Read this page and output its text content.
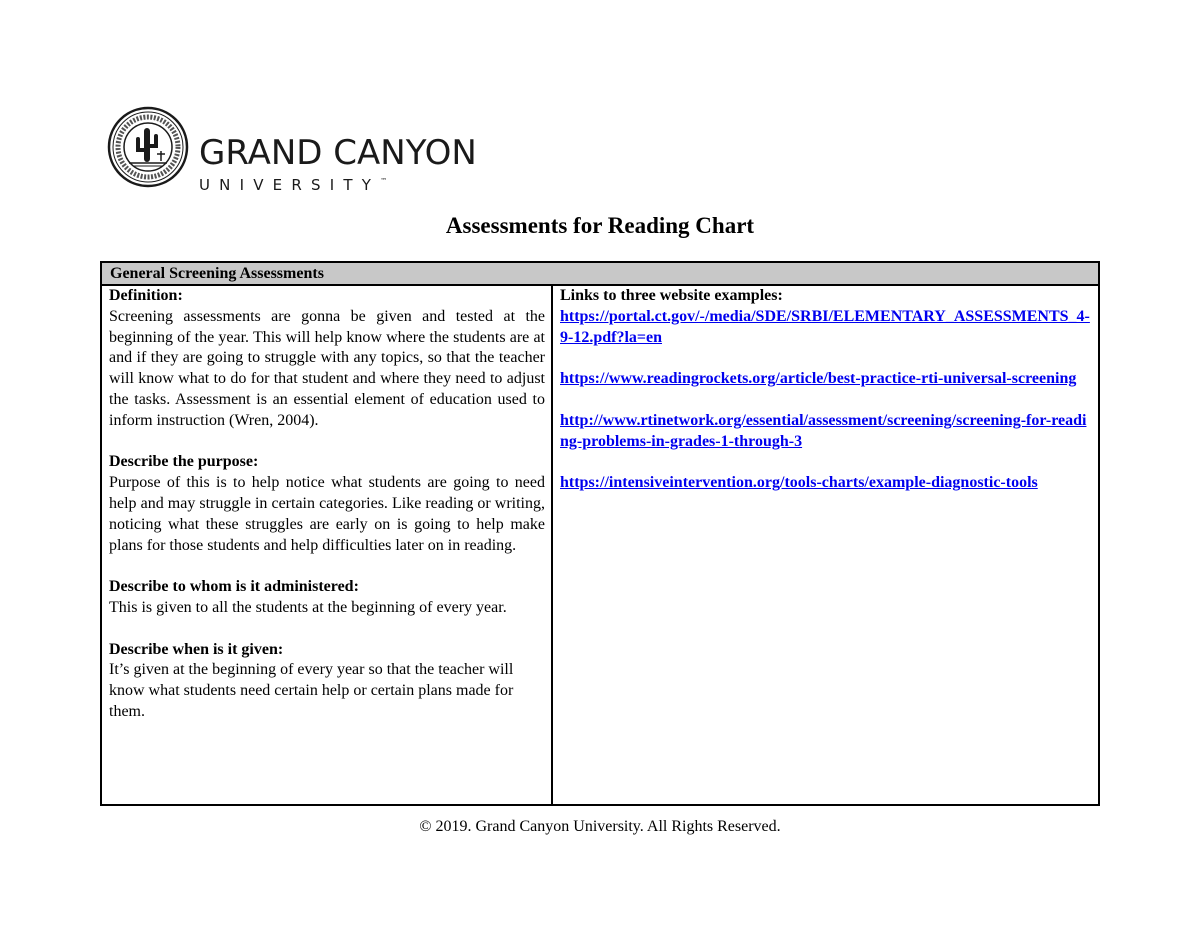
GRAND CANYON
UNIVERSITY™
Assessments for Reading Chart
General Screening Assessments

Definition:

Screening assessments are gonna be given and tested at the beginning of the year. This will help know where the students are at and if they are going to struggle with any topics, so that the teacher will know what to do for that student and where they need to adjust the tasks. Assessment is an essential element of education used to inform instruction (Wren, 2004).

Describe the purpose:

Purpose of this is to help notice what students are going to need help and may struggle in certain categories. Like reading or writing, noticing what these struggles are early on is going to help make plans for those students and help difficulties later on in reading.

Describe to whom is it administered:

This is given to all the students at the beginning of every year.

Describe when is it given:

It’s given at the beginning of every year so that the teacher will know what students need certain help or certain plans made for them.

Links to three website examples:

https://portal.ct.gov/-/media/SDE/SRBI/ELEMENTARY_ASSESSMENTS_4-9-12.pdf?la=en

https://www.readingrockets.org/article/best-practice-rti-universal-screening

http://www.rtinetwork.org/essential/assessment/screening/screening-for-reading-problems-in-grades-1-through-3

https://intensiveintervention.org/tools-charts/example-diagnostic-tools

© 2019. Grand Canyon University. All Rights Reserved.
